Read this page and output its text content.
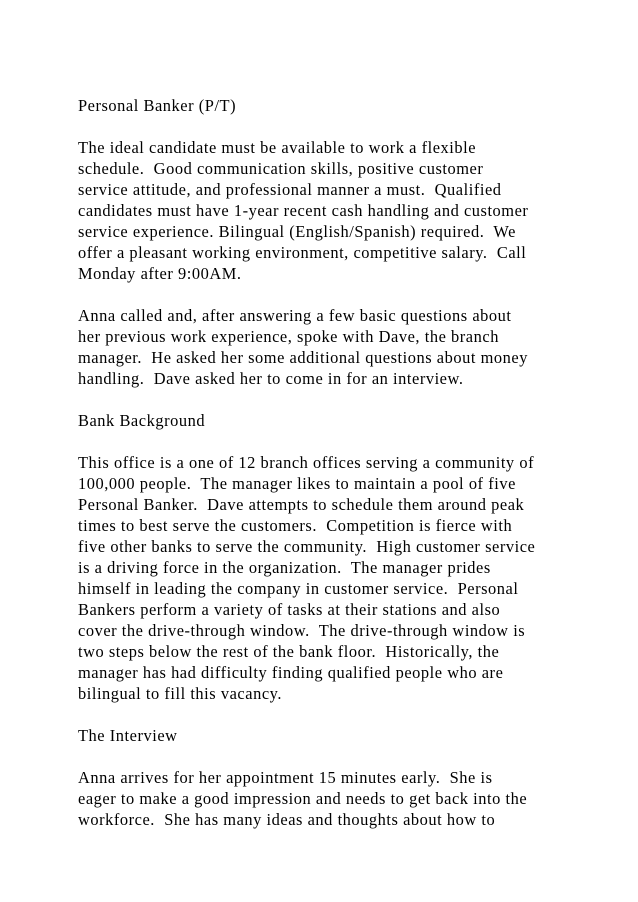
Personal Banker (P/T)

The ideal candidate must be available to work a flexible

schedule.  Good communication skills, positive customer

service attitude, and professional manner a must.  Qualified

candidates must have 1-year recent cash handling and customer

service experience. Bilingual (English/Spanish) required.  We

offer a pleasant working environment, competitive salary.  Call

Monday after 9:00AM.

Anna called and, after answering a few basic questions about

her previous work experience, spoke with Dave, the branch

manager.  He asked her some additional questions about money

handling.  Dave asked her to come in for an interview.

Bank Background

This office is a one of 12 branch offices serving a community of

100,000 people.  The manager likes to maintain a pool of five

Personal Banker.  Dave attempts to schedule them around peak

times to best serve the customers.  Competition is fierce with

five other banks to serve the community.  High customer service

is a driving force in the organization.  The manager prides

himself in leading the company in customer service.  Personal

Bankers perform a variety of tasks at their stations and also

cover the drive-through window.  The drive-through window is

two steps below the rest of the bank floor.  Historically, the

manager has had difficulty finding qualified people who are

bilingual to fill this vacancy.

The Interview

Anna arrives for her appointment 15 minutes early.  She is

eager to make a good impression and needs to get back into the

workforce.  She has many ideas and thoughts about how to
